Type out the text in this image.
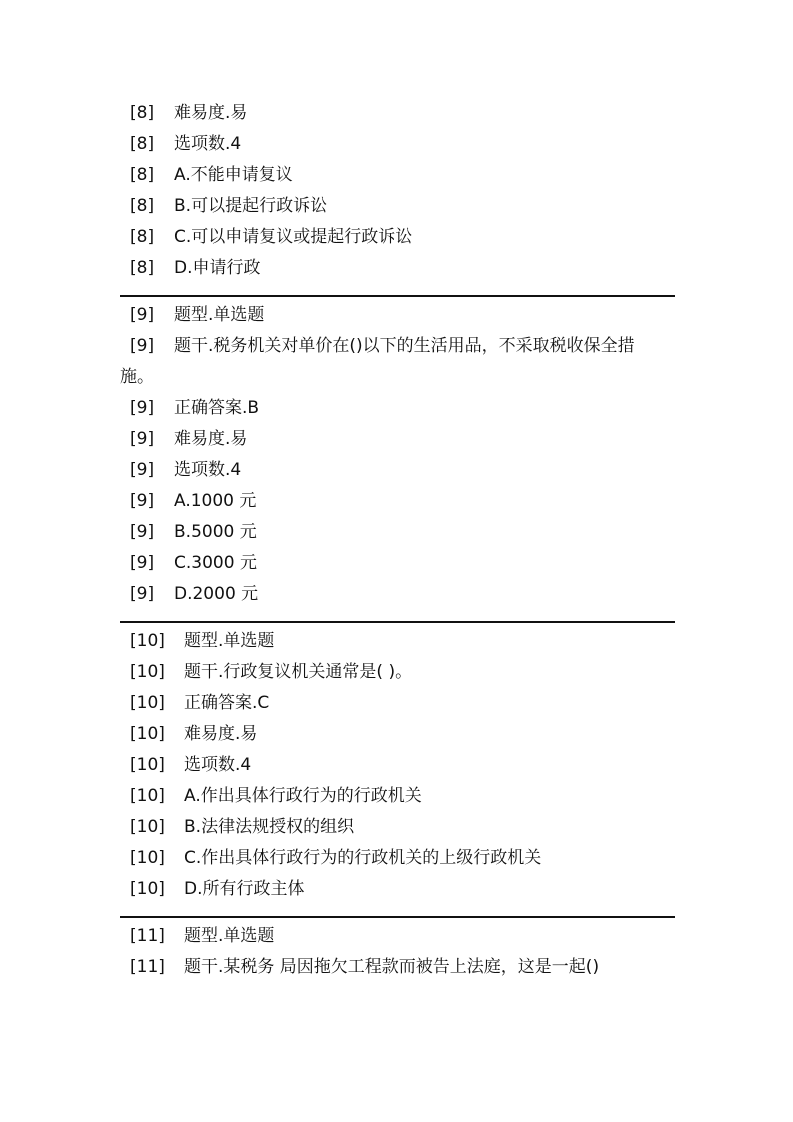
[8] 难易度.易
[8] 选项数.4
[8] A.不能申请复议
[8] B.可以提起行政诉讼
[8] C.可以申请复议或提起行政诉讼
[8] D.申请行政
[9] 题型.单选题
[9] 题干.税务机关对单价在()以下的生活用品，不采取税收保全措
施。
[9] 正确答案.B
[9] 难易度.易
[9] 选项数.4
[9] A.1000 元
[9] B.5000 元
[9] C.3000 元
[9] D.2000 元
[10] 题型.单选题
[10] 题干.行政复议机关通常是( )。
[10] 正确答案.C
[10] 难易度.易
[10] 选项数.4
[10] A.作出具体行政行为的行政机关
[10] B.法律法规授权的组织
[10] C.作出具体行政行为的行政机关的上级行政机关
[10] D.所有行政主体
[11] 题型.单选题
[11] 题干.某税务 局因拖欠工程款而被告上法庭，这是一起()
